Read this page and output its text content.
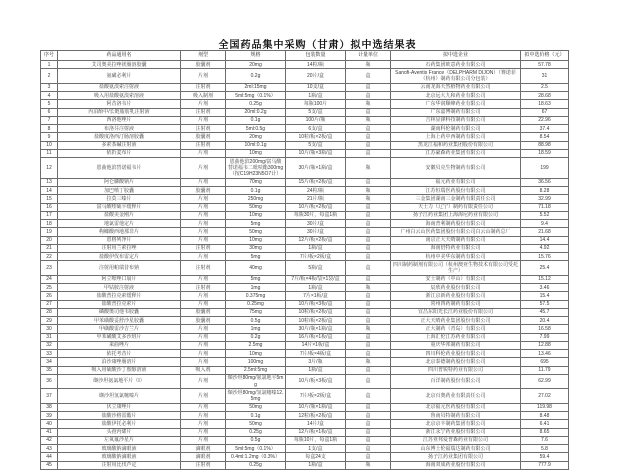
全国药品集中采购（甘肃）拟中选结果表
序号	药品通用名	剂型	规格	包装数量	计量单位	拟中选企业	拟中选价格（元）
1	艾司奥美拉唑镁肠溶胶囊	胶囊剂	20mg	14粒/瓶	瓶	石药集团欧意药业有限公司	57.78
2	氨磺必利片	片剂	0.2g	20片/盒	盒	Sanofi-Aventis France（DELPHARM DIJON）（赛诺菲（杭州）制药有限公司分包装）	31
3	盐酸氨溴索注射液	注射剂	2ml:15mg	10支/盒	盒	云南龙海天然植物药业有限公司	2.5
4	吸入用盐酸氨溴索溶液	吸入制剂	5ml:5mg（0.1%）	1瓶/盒	盒	北京远大九和药业有限公司	28.68
5	阿昔洛韦片	片剂	0.25g	每瓶100片	瓶	广东华润顺峰药业有限公司	18.63
6	丙泊酚中/长链脂肪乳注射液	注射剂	20ml:0.2g	5支/盒	盒	广东嘉博制药有限公司	67
7	西洛他唑片	片剂	0.1g	100片/瓶	瓶	吉林显锋科技制药有限公司	22.96
8	布洛芬注射液	注射剂	5ml:0.5g	6支/盒	盒	湖南科伦制药有限公司	37.4
9	盐酸度洛西汀肠溶胶囊	胶囊剂	20mg	10粒/板×2板/盒	盒	上海上药中西制药有限公司	8.54
10	多索茶碱注射液	注射剂	10ml:0.1g	5支/盒	盒	黑龙江福和药业集团股份有限公司	88.98
11	依折麦布片	片剂	10mg	10片/瓶×3瓶/盒	盒	江苏豪森药业集团有限公司	18.59
12	恩曲他滨替诺福韦片	片剂	恩曲他滨200mg/富马酸替诺福韦二吡呋酯300mg（按C19H23N5O7计）	30片/瓶×1瓶/盒	瓶	安徽贝克生物制药有限公司	199
13	阿仑膦酸钠片	片剂	70mg	15片/板×2板/盒	盒	福元药业有限公司	36.56
14	加巴喷丁胶囊	胶囊剂	0.1g	24粒/瓶	瓶	江苏恒瑞医药股份有限公司	8.28
15	拉莫三嗪片	片剂	250mg	21片/瓶	瓶	三金集团湖南三金制药有限责任公司	32.99
16	富马酸喹硫平缓释片	片剂	50mg	10片/板×2板/盒	盒	天士力（辽宁）制药有限责任公司	71.18
17	盐酸美金刚片	片剂	10mg	每瓶30片，每盒1瓶	盒	扬子江药业集团上海海尼药业有限公司	5.52
18	地氯雷他定片	片剂	5mg	30片/盒	盒	海南普利制药股份有限公司	9.4
19	枸橼酸西地那非片	片剂	50mg	30片/盒	盒	广州白云山医药集团股份有限公司白云山制药总厂	21.68
20	恩格列净片	片剂	10mg	12片/板×2板/盒	盒	南京正大天晴制药有限公司	14.4
21	注射用兰索拉唑	注射剂	30mg	1瓶/盒	盒	海南倍特药业有限公司	4.92
22	盐酸伊伐布雷定片	片剂	5mg	7片/板×2板/盒	盒	杭州中美华东制药有限公司	15.76
23	注射用帕瑞昔布钠	注射剂	40mg	5瓶/盒	盒	四川制药制剂有限公司（杭州澳亚生物技术有限公司受托生产）	25.4
24	阿立哌唑口崩片	片剂	5mg	7片/板×4板/袋×1袋/盒	盒	安士制药（中山）有限公司	15.12
25	甲钴胺注射液	注射剂	1mg	1瓶/盒	瓶	辰欣药业股份有限公司	3.46
26	盐酸普拉克索缓释片	片剂	0.375mg	7片×1板/盒	盒	浙江京新药业股份有限公司	15.4
27	盐酸普拉克索片	片剂	0.25mg	10片/板×3板/盒	盒	常州四药制药有限公司	57.5
28	磷酸奥司他韦胶囊	胶囊剂	75mg	10粒/板×2板/盒	盒	宜昌东阳光长江药业股份有限公司	45.7
29	甲苯磺酸妥舒沙星胶囊	胶囊剂	0.5g	10粒/板×2板/盒	盒	正大天晴药业集团股份有限公司	20.4
30	甲磺酸雷沙吉兰片	片剂	1mg	30片/瓶×1瓶/盒	瓶	正大制药（青岛）有限公司	16.58
31	甲苯磺酸艾多沙班片	片剂	0.2g	16片/板×1板/盒	盒	上海汇伦江苏药业有限公司	7.99
32	来曲唑片	片剂	2.5mg	14片×1板/盒	盒	重庆华邦制药有限公司	12.88
33	依托考昔片	片剂	10mg	7片/板×4板/盒	盒	四川科伦药业股份有限公司	13.46
34	泊沙康唑肠溶片	片剂	100mg	3片/瓶	瓶	北京泰德制药股份有限公司	695
35	吸入用硫酸沙丁胺醇溶液	吸入剂	2.5ml:5mg	1瓶/盒	盒	四川普锐特药业有限公司	11.79
36	缬沙坦氨氯地平片（Ⅰ）	片剂	缬沙坦80mg/氨氯地平5mg	10片/板×3板/盒	盒	百洋制药股份有限公司	62.99
37	缬沙坦氢氯噻嗪片	片剂	缬沙坦80mg/氢氯噻嗪12.5mg	7片/板×2板/盒	盒	北京百奥药业有限责任公司	27.02
38	伏立康唑片	片剂	50mg	10片/瓶×1瓶/盒	盒	北京福元医药股份有限公司	119.98
39	盐酸沙格雷酯片	片剂	0.1g	12粒/板×2板/盒	盒	鲁南贝特制药有限公司	8.48
40	盐酸伊托必利片	片剂	50mg	14片/盒	盒	北京京丰制药集团有限公司	6.41
41	头孢丙烯片	片剂	0.25g	12片/板×1板/盒	盒	浙江永宁药业股份有限公司	8.65
42	左氧氟沙星片	片剂	0.5g	每瓶10片，每盒1瓶	盒	江苏亚邦爱普森药业有限公司	7.6
43	玻璃酸钠滴眼液	滴眼剂	5ml:5mg（0.1%）	1支/盒	盒	山东博士伦福瑞达制药有限公司	5.8
44	玻璃酸钠滴眼液	滴眼剂	0.4ml:1.2mg（0.3%）	每盒24支	盒	扬子江药业集团有限公司	59.4
45	注射用比伐芦定	注射剂	0.25g	1瓶/盒	瓶	海南双成药业股份有限公司	777.9
